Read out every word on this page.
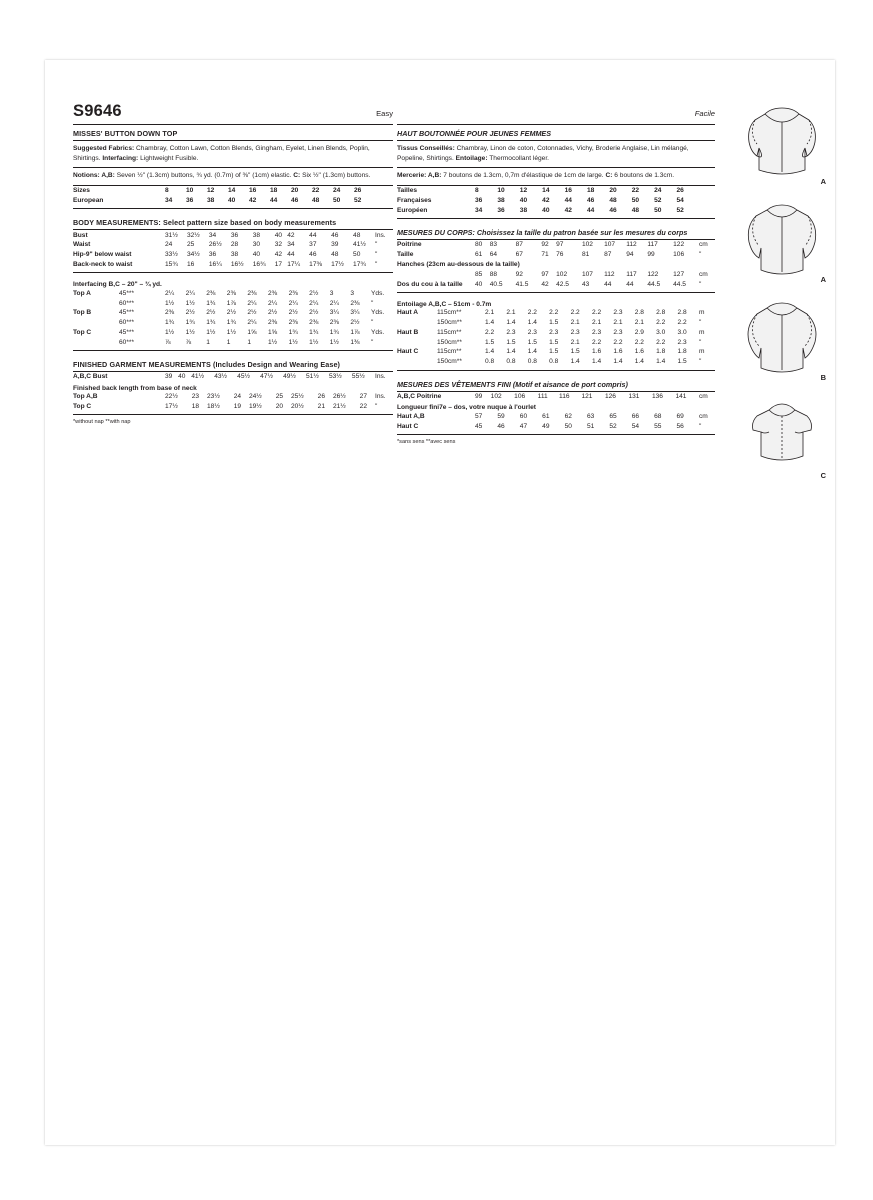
S9646	Easy
MISSES' BUTTON DOWN TOP
Suggested Fabrics: Chambray, Cotton Lawn, Cotton Blends, Gingham, Eyelet, Linen Blends, Poplin, Shirtings. Interfacing: Lightweight Fusible.
Notions: A,B: Seven ½" (1.3cm) buttons, ¾ yd. (0.7m) of ⅜" (1cm) elastic. C: Six ½" (1.3cm) buttons.
Sizes	8	10	12	14	16	18	20	22	24	26	
European	34	36	38	40	42	44	46	48	50	52	
BODY MEASUREMENTS: Select pattern size based on body measurements
Bust	31½	32½	34	36	38	40	42	44	46	48	Ins.
Waist	24	25	26½	28	30	32	34	37	39	41½	"
Hip-9" below waist	33½	34½	36	38	40	42	44	46	48	50	"
Back-neck to waist	15¾	16	16¼	16½	16¾	17	17¼	17⅜	17½	17¾	"
Interfacing B,C – 20" – ¾ yd.
Top A	45***	2¼	2¼	2⅜	2⅜	2⅜	2⅜	2⅜	2½	3	3	Yds.
	60***	1½	1½	1¾	1⅞	2¼	2¼	2¼	2¼	2¼	2⅜	"
Top B	45***	2⅜	2½	2½	2½	2½	2½	2½	2½	3¼	3¼	Yds.
	60***	1¾	1¾	1¾	1¾	2¼	2⅜	2⅜	2⅜	2⅜	2½	"
Top C	45***	1½	1½	1½	1½	1⅝	1⅝	1¾	1¾	1¾	1⅞	Yds.
	60***	⅞	⅞	1	1	1	1½	1½	1½	1½	1⅜	"
FINISHED GARMENT MEASUREMENTS (Includes Design and Wearing Ease)
A,B,C Bust	39	40	41½	43½	45½	47½	49½	51½	53½	55½	Ins.
Finished back length from base of neck
Top A,B	22½	23	23½	24	24½	25	25½	26	26½	27	Ins.
Top C	17½	18	18½	19	19½	20	20½	21	21½	22	"
*without nap **with nap
Facile
HAUT BOUTONNÉE POUR JEUNES FEMMES
Tissus Conseillés: Chambray, Linon de coton, Cotonnades, Vichy, Broderie Anglaise, Lin mélangé, Popeline, Shirtings. Entoilage: Thermocollant léger.
Mercerie: A,B: 7 boutons de 1.3cm, 0,7m d'élastique de 1cm de large. C: 6 boutons de 1.3cm.
Tailles	8	10	12	14	16	18	20	22	24	26	
Françaises	36	38	40	42	44	46	48	50	52	54	
Européen	34	36	38	40	42	44	46	48	50	52	
MESURES DU CORPS: Choisissez la taille du patron basée sur les mesures du corps
Poitrine	80	83	87	92	97	102	107	112	117	122	cm
Taille	61	64	67	71	76	81	87	94	99	106	"
Hanches (23cm au-dessous de la taille)											
	85	88	92	97	102	107	112	117	122	127	cm
Dos du cou à la taille	40	40.5	41.5	42	42.5	43	44	44	44.5	44.5	"
Entoilage A,B,C – 51cm - 0.7m
Haut A	115cm**	2.1	2.1	2.2	2.2	2.2	2.2	2.3	2.8	2.8	2.8	m
	150cm**	1.4	1.4	1.4	1.5	2.1	2.1	2.1	2.1	2.2	2.2	"
Haut B	115cm**	2.2	2.3	2.3	2.3	2.3	2.3	2.3	2.9	3.0	3.0	m
	150cm**	1.5	1.5	1.5	1.5	2.1	2.2	2.2	2.2	2.2	2.3	"
Haut C	115cm**	1.4	1.4	1.4	1.5	1.5	1.6	1.6	1.6	1.8	1.8	m
	150cm**	0.8	0.8	0.8	0.8	1.4	1.4	1.4	1.4	1.4	1.5	"
MESURES DES VÊTEMENTS FINI (Motif et aisance de port compris)
A,B,C Poitrine	99	102	106	111	116	121	126	131	136	141	cm
Longueur fini7e – dos, votre nuque à l'ourlet
Haut A,B	57	59	60	61	62	63	65	66	68	69	cm
Haut C	45	46	47	49	50	51	52	54	55	56	"
*sans sens **avec sens
A
A
B
C
